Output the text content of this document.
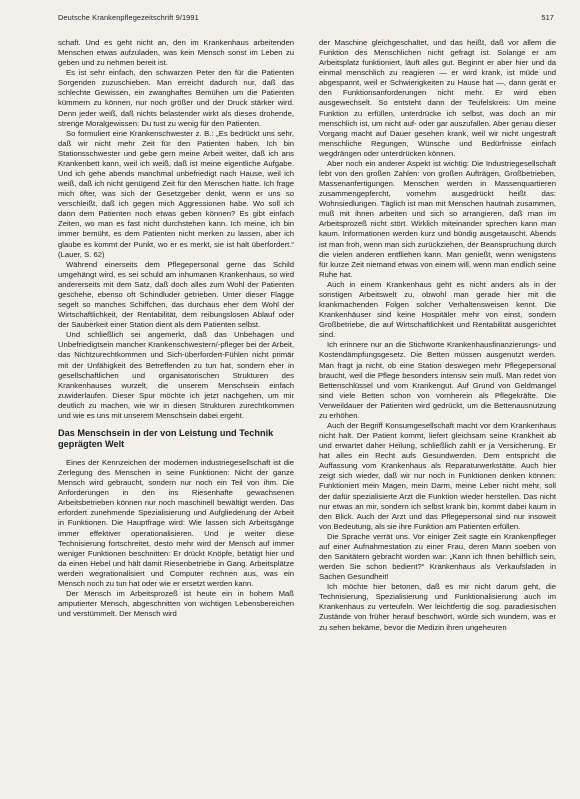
Deutsche Krankenpflegezeitschrift 9/1991	517

schaft. Und es geht nicht an, den im Krankenhaus arbeitenden Menschen etwas aufzuladen, was kein Mensch sonst im Leben zu geben und zu nehmen bereit ist.

Es ist sehr einfach, den schwarzen Peter den für die Patienten Sorgenden zuzuschieben. Man erreicht dadurch nur, daß das schlechte Gewissen, ein zwanghaftes Bemühen um die Patienten kümmern zu können, nur noch größer und der Druck stärker wird. Denn jeder weiß, daß nichts belastender wirkt als dieses drohende, strenge Moralgewissen: Du tust zu wenig für den Patienten.

So formuliert eine Krankenschwester z. B.: „Es bedrückt uns sehr, daß wir nicht mehr Zeit für den Patienten haben. Ich bin Stationsschwester und gebe gern meine Arbeit weiter, daß ich ans Krankenbett kann, weil ich weiß, daß ist meine eigentliche Aufgabe. Und ich gehe abends manchmal unbefriedigt nach Hause, weil ich weiß, daß ich nicht genügend Zeit für den Menschen hatte. Ich frage mich öfter, was sich der Gesetzgeber denkt, wenn er uns so verschleißt, daß ich gegen mich Aggressionen habe. Wo soll ich dann dem Patienten noch etwas geben können? Es gibt einfach Zeiten, wo man es fast nicht durchstehen kann. Ich meine, ich bin immer bemüht, es dem Patienten nicht merken zu lassen, aber ich glaube es kommt der Punkt, wo er es merkt, sie ist halt überfordert.“ (Lauer, S. 62)

Während einerseits dem Pflegepersonal gerne das Schild umgehängt wird, es sei schuld am inhumanen Krankenhaus, so wird andererseits mit dem Satz, daß doch alles zum Wohl der Patienten geschehe, ebenso oft Schindluder getrieben. Unter dieser Flagge segelt so manches Schiffchen, das durchaus eher dem Wohl der Wirtschaftlichkeit, der Rentabilität, dem reibungslosen Ablauf oder der Sauberkeit einer Station dient als dem Patienten selbst.

Und schließlich sei angemerkt, daß das Unbehagen und Unbefriedigtsein mancher Krankenschwestern/-pfleger bei der Arbeit, das Nichtzurechtkommen und Sich-überfordert-Fühlen nicht primär mit der Unfähigkeit des Betreffenden zu tun hat, sondern eher in gesellschaftlichen und organisatorischen Strukturen des Krankenhauses wurzelt, die unserem Menschsein einfach zuwiderlaufen. Dieser Spur möchte ich jetzt nachgehen, um mir deutlich zu machen, wie wir in diesen Strukturen zurechtkommen und wie es uns mit unserem Menschsein dabei ergeht.

Das Menschsein in der von Leistung und Technik geprägten Welt

Eines der Kennzeichen der modernen industriegesellschaft ist die Zerlegung des Menschen in seine Funktionen: Nicht der ganze Mensch wird gebraucht, sondern nur noch ein Teil von ihm. Die Anforderungen in den ins Riesenhafte gewachsenen Arbeitsbetrieben können nur noch maschinell bewältigt werden. Das erfordert zunehmende Spezialisierung und Aufgliederung der Arbeit in Funktionen. Die Hauptfrage wird: Wie lassen sich Arbeitsgänge immer effektiver operationalisieren. Und je weiter diese Technisierung fortschreitet, desto mehr wird der Mensch auf immer weniger Funktionen beschnitten: Er drückt Knöpfe, betätigt hier und da einen Hebel und hält damit Riesenbetriebe in Gang. Arbeitsplätze werden wegrationalisiert und Computer rechnen aus, was ein Mensch noch zu tun hat oder wie er ersetzt werden kann.

Der Mensch im Arbeitsprozeß ist heute ein in hohem Maß amputierter Mensch, abgeschnitten von wichtigen Lebensbereichen und verstümmelt. Der Mensch wird

der Maschine gleichgeschaltet, und das heißt, daß vor allem die Funktion des Menschlichen nicht gefragt ist. Solange er am Arbeitsplatz funktioniert, läuft alles gut. Beginnt er aber hier und da einmal menschlich zu reagieren — er wird krank, ist müde und abgespannt, weil er Schwierigkeiten zu Hause hat —, dann gerät er den Funktionsanforderungen nicht mehr. Er wird eben ausgewechselt. So entsteht dann der Teufelskreis: Um meine Funktion zu erfüllen, unterdrücke ich selbst, was doch an mir menschlich ist, um nicht auf- oder gar auszufallen. Aber genau dieser Vorgang macht auf Dauer gesehen krank, weil wir nicht ungestraft menschliche Regungen, Wünsche und Bedürfnisse einfach wegdrängen oder unterdrücken können.

Aber noch ein anderer Aspekt ist wichtig: Die Industriegesellschaft lebt von den großen Zahlen: von großen Aufträgen, Großbetrieben, Massenanfertigungen. Menschen werden in Massenquartieren zusammengepfercht, vornehm ausgedrückt heißt das: Wohnsiedlungen. Täglich ist man mit Menschen hautnah zusammen, muß mit ihnen arbeiten und sich so arrangieren, daß man im Arbeitsprozeß nicht stört. Wirklich miteinander sprechen kann man kaum. Informationen werden kurz und bündig ausgetauscht. Abends ist man froh, wenn man sich zurückziehen, der Beanspruchung durch die vielen anderen entfliehen kann. Man genießt, wenn wenigstens für kurze Zeit niemand etwas von einem will, wenn man endlich seine Ruhe hat.

Auch in einem Krankenhaus geht es nicht anders als in der sonstigen Arbeitswelt zu, obwohl man gerade hier mit die krankmachenden Folgen solcher Verhaltensweisen kennt. Die Krankenhäuser sind keine Hospitäler mehr von einst, sondern Großbetriebe, die auf Wirtschaftlichkeit und Rentabilität ausgerichtet sind.

Ich erinnere nur an die Stichworte Krankenhausfinanzierungs- und Kostendämpfungsgesetz. Die Betten müssen ausgenutzt werden. Man fragt ja nicht, ob eine Station deswegen mehr Pflegepersonal braucht, weil die Pflege besonders intensiv sein muß. Man redet von Bettenschlüssel und vom Krankengut. Auf Grund von Geldmangel sind viele Betten schon von vornherein als Pflegekräfte. Die Verweildauer der Patienten wird gedrückt, um die Bettenausnutzung zu erhöhen.

Auch der Begriff Konsumgesellschaft macht vor dem Krankenhaus nicht halt. Der Patient kommt, liefert gleichsam seine Krankheit ab und erwartet daher Heilung, schließlich zahlt er ja Versicherung. Er hat alles ein Recht aufs Gesundwerden. Dem entspricht die Auffassung vom Krankenhaus als Reparaturwerkstätte. Auch hier zeigt sich wieder, daß wir nur noch in Funktionen denken können: Funktioniert mein Magen, mein Darm, meine Leber nicht mehr, soll der dafür spezialisierte Arzt die Funktion wieder herstellen. Das nicht nur etwas an mir, sondern ich selbst krank bin, kommt dabei kaum in den Blick. Auch der Arzt und das Pflegepersonal sind nur insoweit von Bedeutung, als sie ihre Funktion am Patienten erfüllen.

Die Sprache verrät uns. Vor einiger Zeit sagte ein Krankenpfleger auf einer Aufnahmestation zu einer Frau, deren Mann soeben von den Sanitätern gebracht worden war: „Kann ich Ihnen behilflich sein, werden Sie schon bedient?“ Krankenhaus als Verkaufsladen in Sachen Gesundheit!

Ich möchte hier betonen, daß es mir nicht darum geht, die Technisierung, Spezialisierung und Funktionalisierung auch im Krankenhaus zu verteufeln. Wer leichtfertig die sog. paradiesischen Zustände von früher herauf beschwört, würde sich wundern, was er zu sehen bekäme, bevor die Medizin ihren ungeheuren
